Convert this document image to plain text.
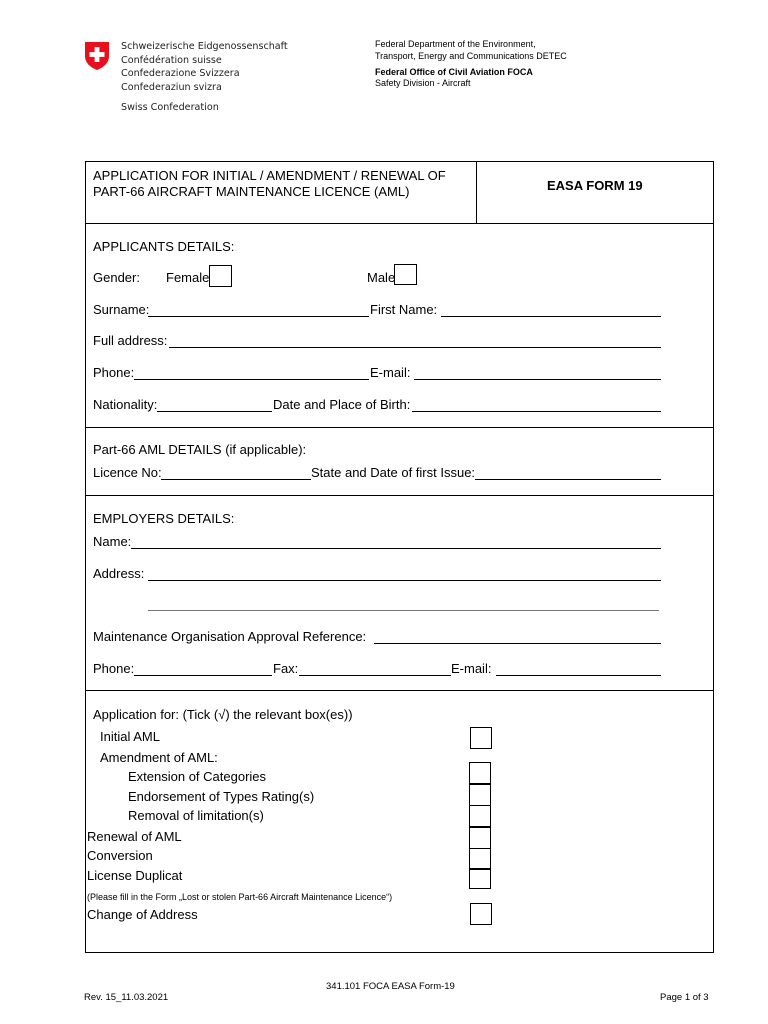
Schweizerische Eidgenossenschaft
Confédération suisse
Confederazione Svizzera
Confederaziun svizra
Swiss Confederation
Federal Department of the Environment,
Transport, Energy and Communications DETEC
Federal Office of Civil Aviation FOCA
Safety Division - Aircraft
APPLICATION FOR INITIAL / AMENDMENT / RENEWAL OF
PART-66 AIRCRAFT MAINTENANCE LICENCE (AML)	EASA FORM 19
APPLICANTS DETAILS:
Gender: Female	Male
Surname:	First Name:
Full address:
Phone:	E-mail:
Nationality:	Date and Place of Birth:
Part-66 AML DETAILS (if applicable):
Licence No:	State and Date of first Issue:
EMPLOYERS DETAILS:
Name:
Address:
Maintenance Organisation Approval Reference:
Phone:	Fax:	E-mail:
Application for: (Tick (√) the relevant box(es))
Initial AML
Amendment of AML:
Extension of Categories
Endorsement of Types Rating(s)
Removal of limitation(s)
Renewal of AML
Conversion
License Duplicat
(Please fill in the Form „Lost or stolen Part-66 Aircraft Maintenance Licence“)
Change of Address
341.101 FOCA EASA Form-19
Rev. 15_11.03.2021	Page 1 of 3
